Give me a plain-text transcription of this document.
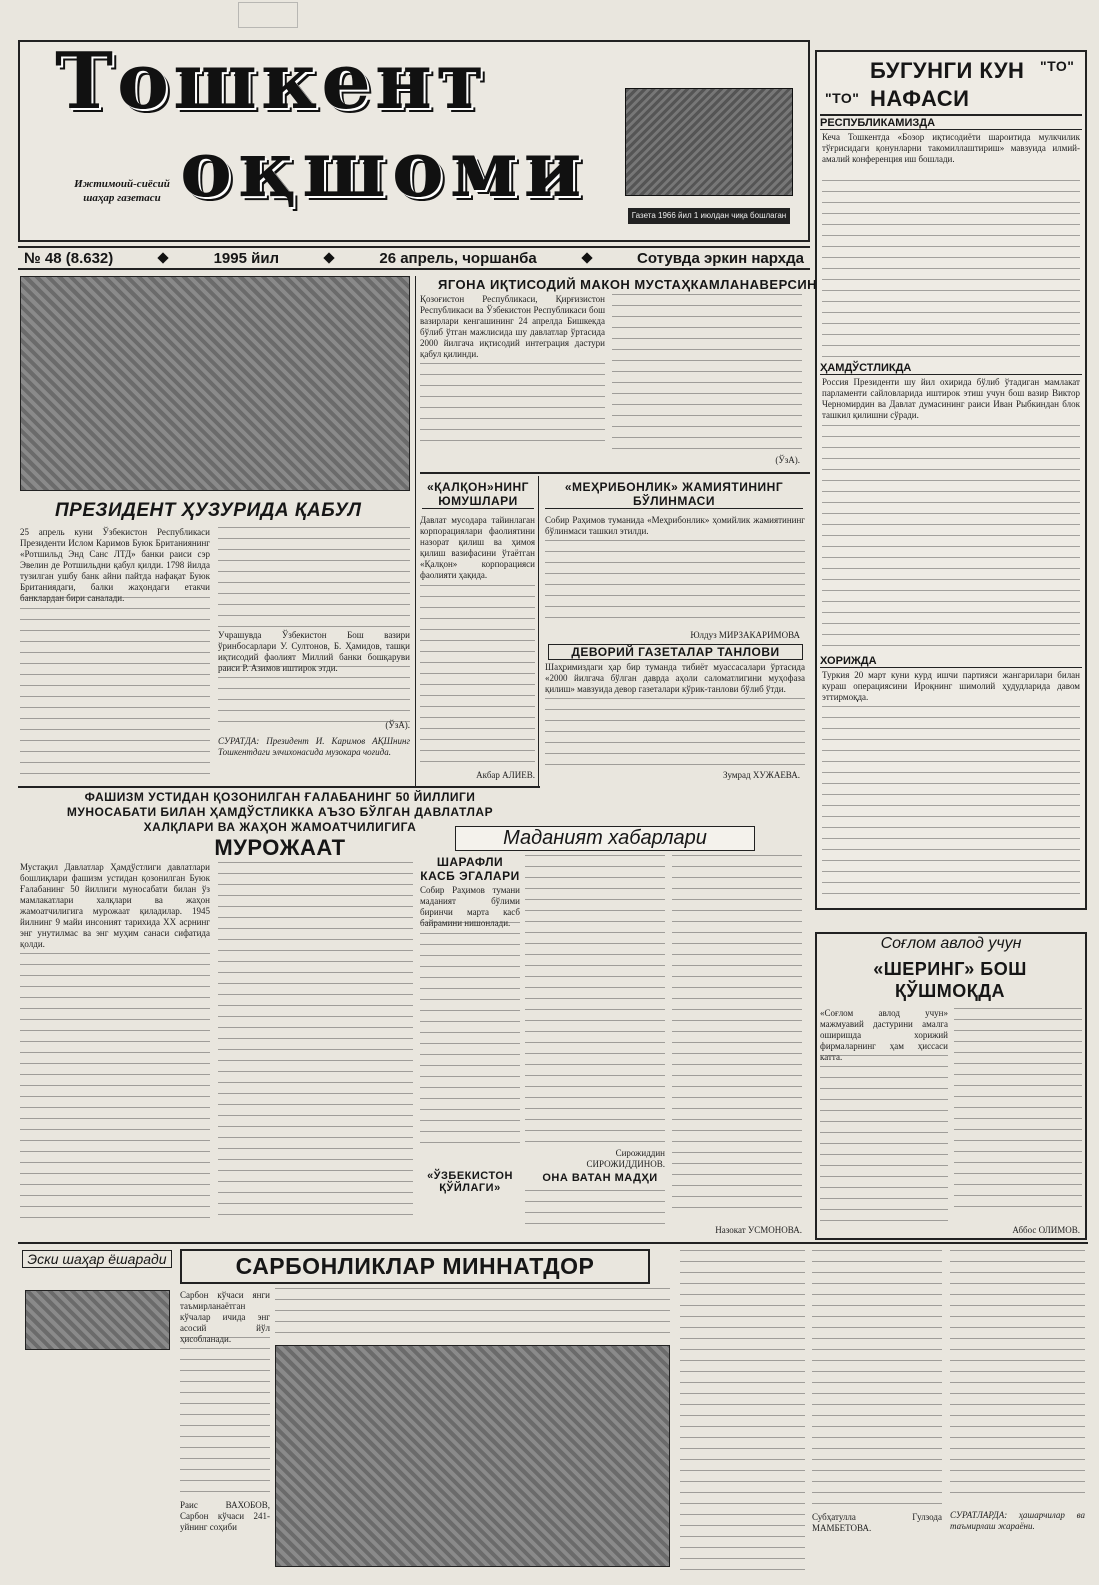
Тошкент
оқшоми
Ижтимоий-сиёсий шаҳар газетаси
Газета 1966 йил 1 июлдан чиқа бошлаган
№ 48 (8.632)	1995 йил	26 апрель, чоршанба	Сотувда эркин нархда
БУГУНГИ КУН "ТО"
"ТО" НАФАСИ
РЕСПУБЛИКАМИЗДА
Кеча Тошкентда «Бозор иқтисодиёти шароитида мулкчилик тўғрисидаги қонунларни такомиллаштириш» мавзуида илмий-амалий конференция иш бошлади.
ҲАМДЎСТЛИКДА
Россия Президенти шу йил охирида бўлиб ўтадиган мамлакат парламенти сайловларида иштирок этиш учун бош вазир Виктор Черномирдин ва Давлат думасининг раиси Иван Рыбкиндан блок ташкил қилишни сўради.
ХОРИЖДА
Туркия 20 март куни курд ишчи партияси жангарилари билан кураш операциясини Ироқнинг шимолий ҳудудларида давом эттирмоқда.
ПРЕЗИДЕНТ ҲУЗУРИДА ҚАБУЛ
25 апрель куни Ўзбекистон Республикаси Президенти Ислом Каримов Буюк Британиянинг «Ротшильд Энд Санс ЛТД» банки раиси сэр Эвелин де Ротшильдни қабул қилди. 1798 йилда тузилган ушбу банк айни пайтда нафақат Буюк Британиядаги, балки жаҳондаги етакчи банклардан бири саналади.
Учрашувда Ўзбекистон Бош вазири ўринбосарлари У. Султонов, Б. Ҳамидов, ташқи иқтисодий фаолият Миллий банки бошқаруви раиси Р. Азимов иштирок этди.
(ЎзА).
СУРАТДА: Президент И. Каримов АҚШнинг Тошкентдаги элчихонасида музокара чоғида.
ЯГОНА ИҚТИСОДИЙ МАКОН МУСТАҲКАМЛАНАВЕРСИН
Қозоғистон Республикаси, Қирғизистон Республикаси ва Ўзбекистон Республикаси бош вазирлари кенгашининг 24 апрелда Бишкекда бўлиб ўтган мажлисида шу давлатлар ўртасида 2000 йилгача иқтисодий интеграция дастури қабул қилинди.
(ЎзА).
«ҚАЛҚОН»НИНГ ЮМУШЛАРИ
Давлат мусодара тайинлаган корпорациялари фаолиятини назорат қилиш ва ҳимоя қилиш вазифасини ўтаётган «Қалқон» корпорацияси фаолияти ҳақида.
Акбар АЛИЕВ.
«МЕҲРИБОНЛИК» ЖАМИЯТИНИНГ БЎЛИНМАСИ
Собир Раҳимов туманида «Меҳрибонлик» ҳомийлик жамиятининг бўлинмаси ташкил этилди.
Юлдуз МИРЗАКАРИМОВА
ДЕВОРИЙ ГАЗЕТАЛАР ТАНЛОВИ
Шаҳримиздаги ҳар бир туманда тибиёт муассасалари ўртасида «2000 йилгача бўлган даврда аҳоли саломатлигини муҳофаза қилиш» мавзуида девор газеталари кўрик-танлови бўлиб ўтди.
Зумрад ХУЖАЕВА.
ФАШИЗМ УСТИДАН ҚОЗОНИЛГАН ҒАЛАБАНИНГ 50 ЙИЛЛИГИ МУНОСАБАТИ БИЛАН ҲАМДЎСТЛИККА АЪЗО БЎЛГАН ДАВЛАТЛАР ХАЛҚЛАРИ ВА ЖАҲОН ЖАМОАТЧИЛИГИГА
МУРОЖААТ
Мустақил Давлатлар Ҳамдўстлиги давлатлари бошлиқлари фашизм устидан қозонилган Буюк Ғалабанинг 50 йиллиги муносабати билан ўз мамлакатлари халқлари ва жаҳон жамоатчилигига мурожаат қиладилар. 1945 йилнинг 9 майи инсоният тарихида ХХ асрнинг энг унутилмас ва энг муҳим санаси сифатида қолди.
Маданият хабарлари
ШАРАФЛИ КАСБ ЭГАЛАРИ
Собир Раҳимов тумани маданият бўлими биринчи марта касб байрамини нишонлади.
Сирожиддин СИРОЖИДДИНОВ.
«ЎЗБЕКИСТОН ҚЎЙЛАГИ»
ОНА ВАТАН МАДҲИ
Назокат УСМОНОВА.
Соғлом авлод учун
«ШЕРИНГ» БОШ ҚЎШМОҚДА
«Соғлом авлод учун» мажмуавий дастурини амалга оширишда хорижий фирмаларнинг ҳам ҳиссаси катта.
Аббос ОЛИМОВ.
Эски шаҳар ёшаради	САРБОНЛИКЛАР МИННАТДОР
Сарбон кўчаси янги таъмирланаётган кўчалар ичида энг асосий йўл ҳисобланади.
Раис ВАХОБОВ, Сарбон кўчаси 241-уйнинг соҳиби
Субҳатулла Гулзода МАМБЕТОВА.
СУРАТЛАРДА: ҳашарчилар ва таъмирлаш жараёни.
